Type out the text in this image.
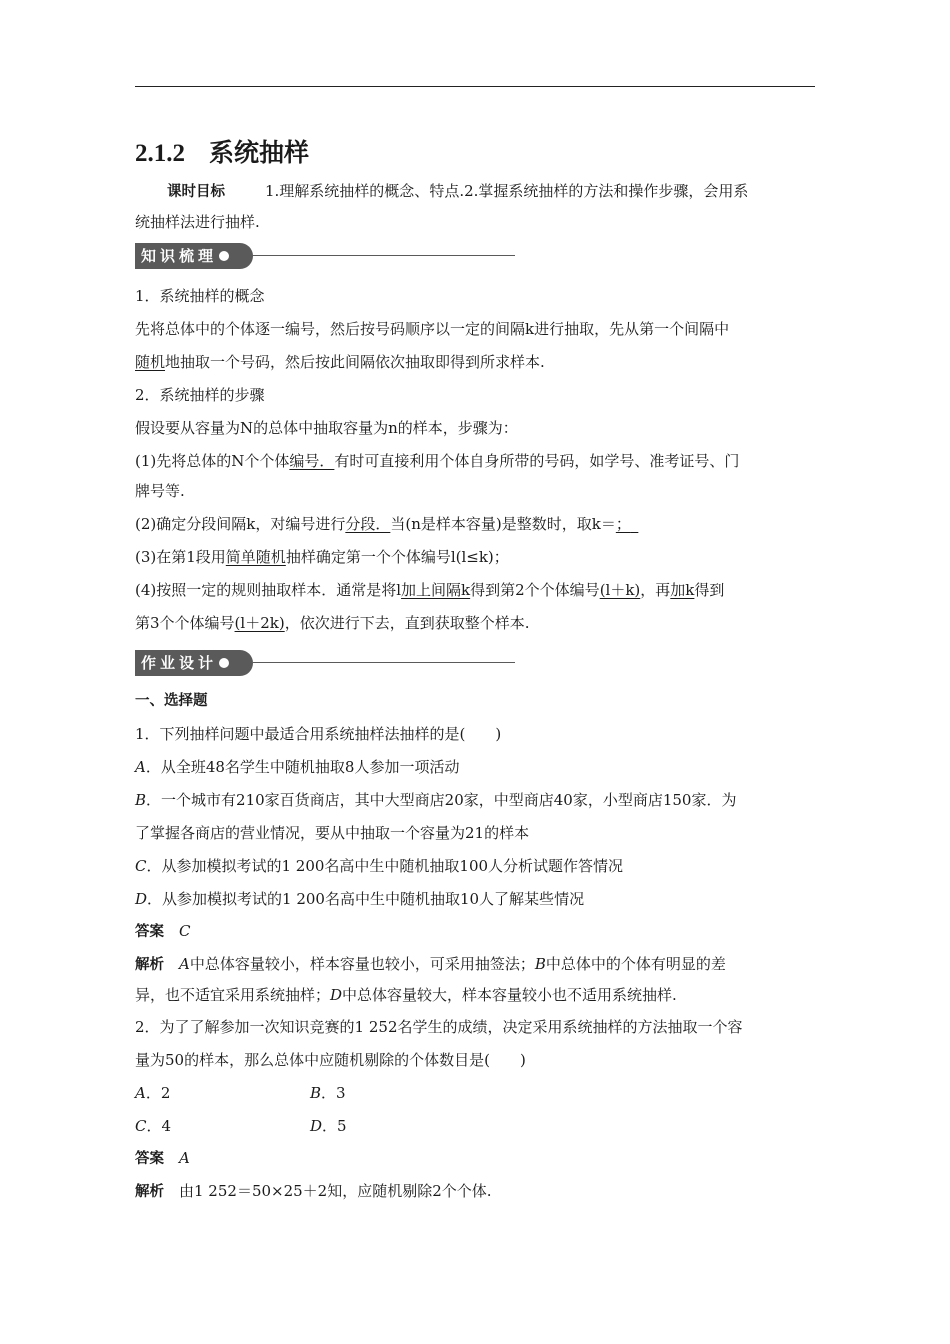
2.1.2 系统抽样

课时目标	1.理解系统抽样的概念、特点.2.掌握系统抽样的方法和操作步骤，会用系

统抽样法进行抽样.

知识梳理

1．系统抽样的概念

先将总体中的个体逐一编号，然后按号码顺序以一定的间隔k进行抽取，先从第一个间隔中

随机地抽取一个号码，然后按此间隔依次抽取即得到所求样本.

2．系统抽样的步骤

假设要从容量为N的总体中抽取容量为n的样本，步骤为：

(1)先将总体的N个个体编号．有时可直接利用个体自身所带的号码，如学号、准考证号、门

牌号等.

(2)确定分段间隔k，对编号进行分段．当(n是样本容量)是整数时，取k＝； 

(3)在第1段用简单随机抽样确定第一个个体编号l(l≤k)；

(4)按照一定的规则抽取样本．通常是将l加上间隔k得到第2个个体编号(l＋k)，再加k得到

第3个个体编号(l＋2k)，依次进行下去，直到获取整个样本.

作业设计

一、选择题

1．下列抽样问题中最适合用系统抽样法抽样的是(　　)

A．从全班48名学生中随机抽取8人参加一项活动

B．一个城市有210家百货商店，其中大型商店20家，中型商店40家，小型商店150家．为

了掌握各商店的营业情况，要从中抽取一个容量为21的样本

C．从参加模拟考试的1 200名高中生中随机抽取100人分析试题作答情况

D．从参加模拟考试的1 200名高中生中随机抽取10人了解某些情况

答案  C

解析  A中总体容量较小，样本容量也较小，可采用抽签法；B中总体中的个体有明显的差

异，也不适宜采用系统抽样；D中总体容量较大，样本容量较小也不适用系统抽样.

2．为了了解参加一次知识竞赛的1 252名学生的成绩，决定采用系统抽样的方法抽取一个容

量为50的样本，那么总体中应随机剔除的个体数目是(　　)

A．2	B．3

C．4	D．5

答案  A

解析  由1 252＝50×25＋2知，应随机剔除2个个体.
